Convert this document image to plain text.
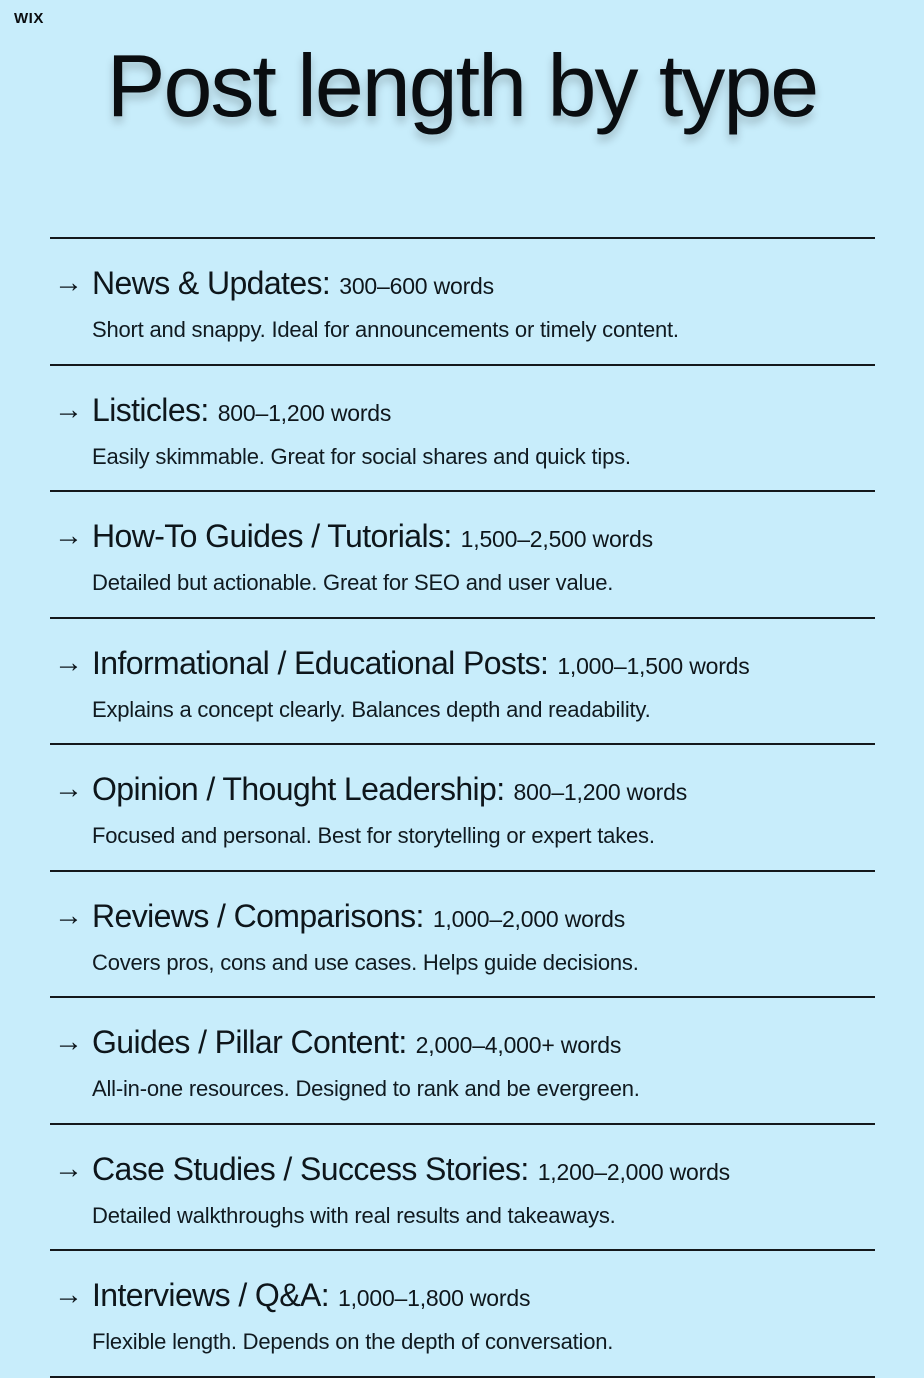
WIX
Post length by type
→ News & Updates: 300–600 words
Short and snappy. Ideal for announcements or timely content.
→ Listicles: 800–1,200 words
Easily skimmable. Great for social shares and quick tips.
→ How-To Guides / Tutorials: 1,500–2,500 words
Detailed but actionable. Great for SEO and user value.
→ Informational / Educational Posts: 1,000–1,500 words
Explains a concept clearly. Balances depth and readability.
→ Opinion / Thought Leadership: 800–1,200 words
Focused and personal. Best for storytelling or expert takes.
→ Reviews / Comparisons: 1,000–2,000 words
Covers pros, cons and use cases. Helps guide decisions.
→ Guides / Pillar Content: 2,000–4,000+ words
All-in-one resources. Designed to rank and be evergreen.
→ Case Studies / Success Stories: 1,200–2,000 words
Detailed walkthroughs with real results and takeaways.
→ Interviews / Q&A: 1,000–1,800 words
Flexible length. Depends on the depth of conversation.
